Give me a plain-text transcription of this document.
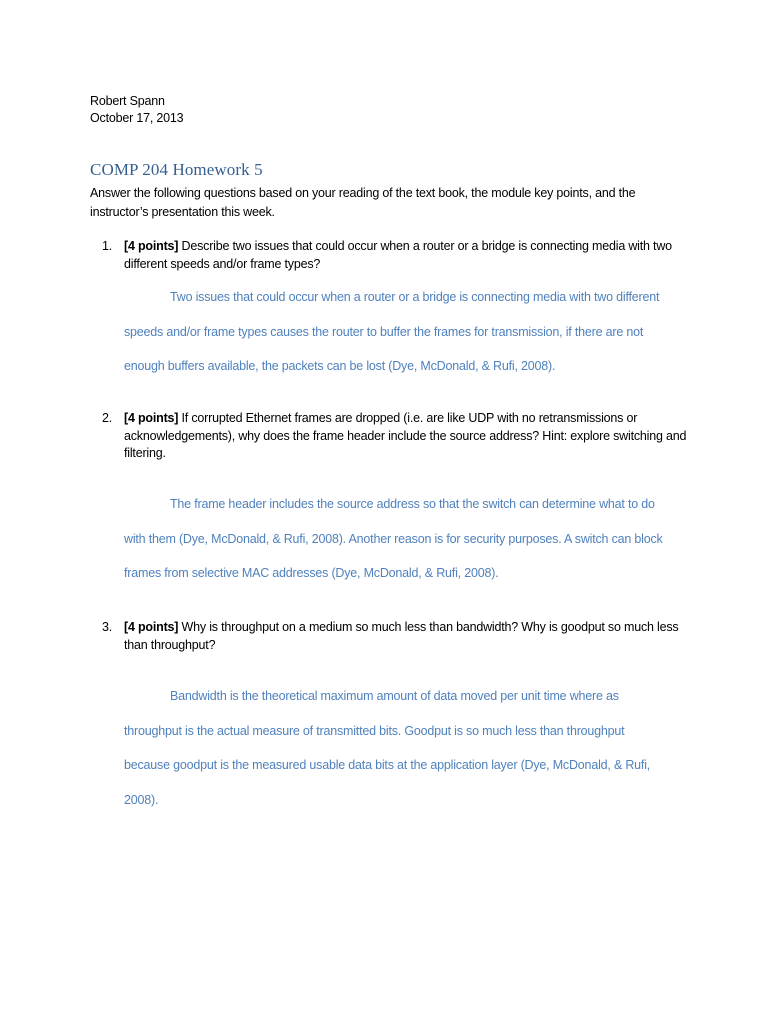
Robert Spann
October 17, 2013
COMP 204 Homework 5
Answer the following questions based on your reading of the text book, the module key points, and the instructor’s presentation this week.
1. [4 points] Describe two issues that could occur when a router or a bridge is connecting media with two different speeds and/or frame types?
Two issues that could occur when a router or a bridge is connecting media with two different speeds and/or frame types causes the router to buffer the frames for transmission, if there are not enough buffers available, the packets can be lost (Dye, McDonald, & Rufi, 2008).
2. [4 points] If corrupted Ethernet frames are dropped (i.e. are like UDP with no retransmissions or acknowledgements), why does the frame header include the source address? Hint: explore switching and filtering.
The frame header includes the source address so that the switch can determine what to do with them (Dye, McDonald, & Rufi, 2008). Another reason is for security purposes. A switch can block frames from selective MAC addresses (Dye, McDonald, & Rufi, 2008).
3. [4 points] Why is throughput on a medium so much less than bandwidth? Why is goodput so much less than throughput?
Bandwidth is the theoretical maximum amount of data moved per unit time where as throughput is the actual measure of transmitted bits. Goodput is so much less than throughput because goodput is the measured usable data bits at the application layer (Dye, McDonald, & Rufi, 2008).
